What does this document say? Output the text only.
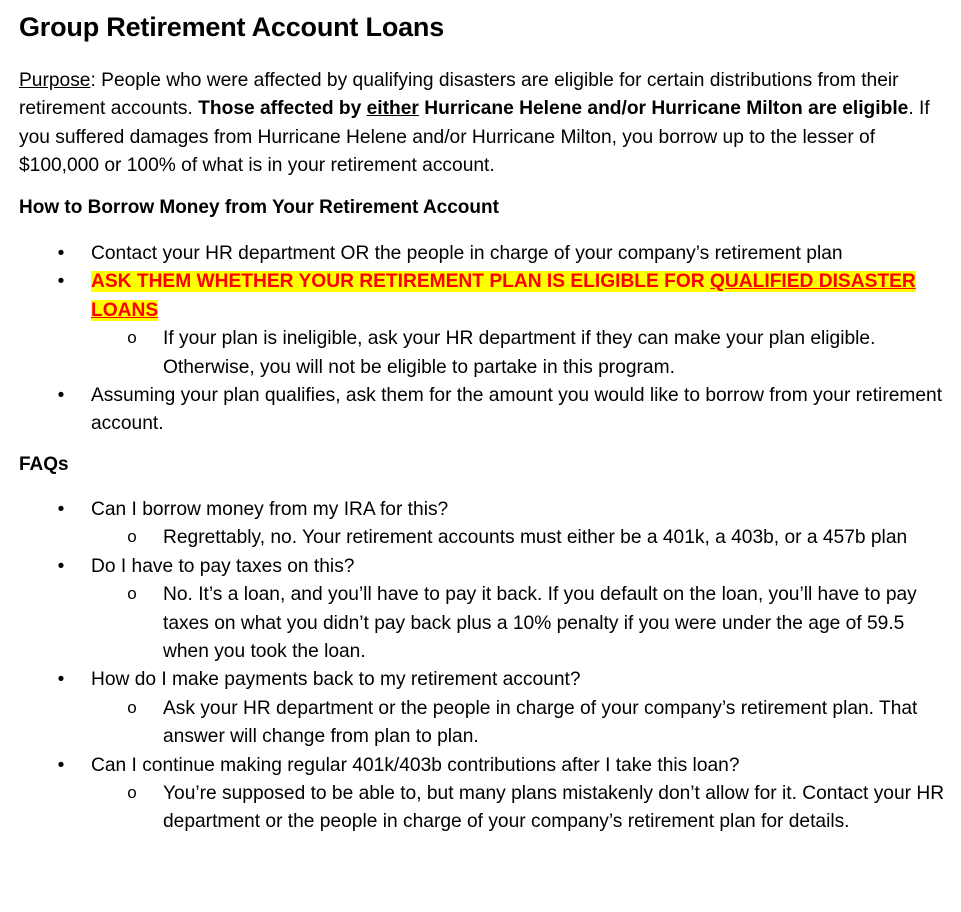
Group Retirement Account Loans

Purpose: People who were affected by qualifying disasters are eligible for certain distributions from their retirement accounts. Those affected by either Hurricane Helene and/or Hurricane Milton are eligible. If you suffered damages from Hurricane Helene and/or Hurricane Milton, you borrow up to the lesser of $100,000 or 100% of what is in your retirement account.

How to Borrow Money from Your Retirement Account
• Contact your HR department OR the people in charge of your company’s retirement plan
• ASK THEM WHETHER YOUR RETIREMENT PLAN IS ELIGIBLE FOR QUALIFIED DISASTER LOANS
o If your plan is ineligible, ask your HR department if they can make your plan eligible. Otherwise, you will not be eligible to partake in this program.
• Assuming your plan qualifies, ask them for the amount you would like to borrow from your retirement account.
FAQs
• Can I borrow money from my IRA for this?
o Regrettably, no. Your retirement accounts must either be a 401k, a 403b, or a 457b plan
• Do I have to pay taxes on this?
o No. It’s a loan, and you’ll have to pay it back. If you default on the loan, you’ll have to pay taxes on what you didn’t pay back plus a 10% penalty if you were under the age of 59.5 when you took the loan.
• How do I make payments back to my retirement account?
o Ask your HR department or the people in charge of your company’s retirement plan. That answer will change from plan to plan.
• Can I continue making regular 401k/403b contributions after I take this loan?
o You’re supposed to be able to, but many plans mistakenly don’t allow for it. Contact your HR department or the people in charge of your company’s retirement plan for details.
